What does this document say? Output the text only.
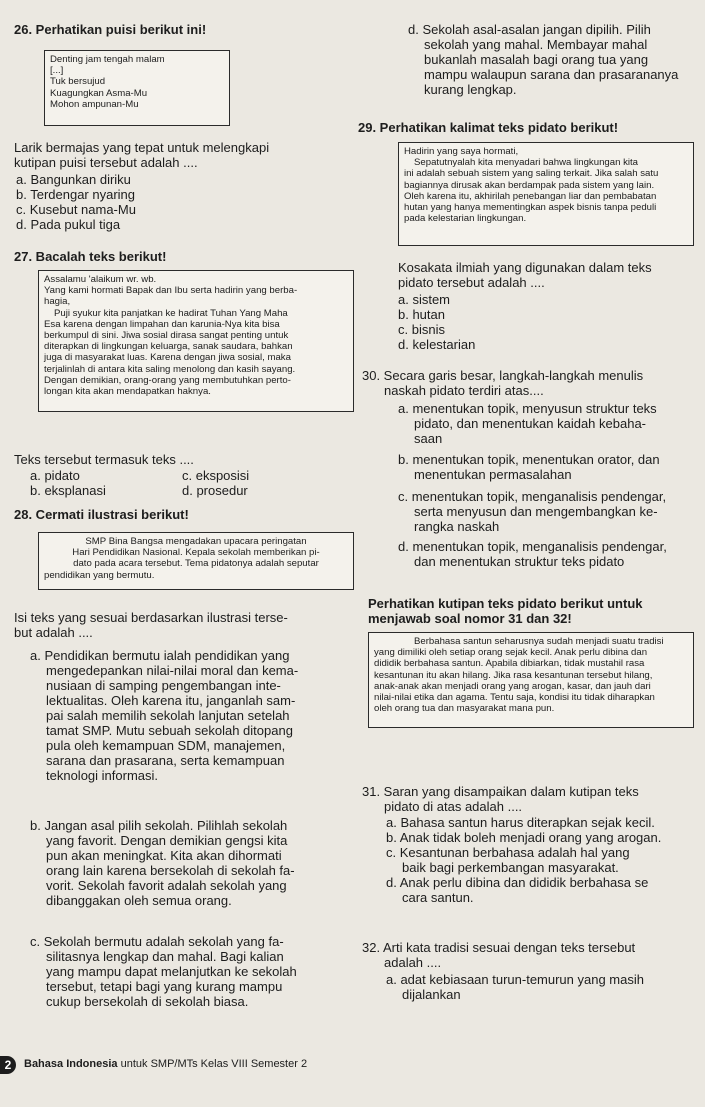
26. Perhatikan puisi berikut ini!
Denting jam tengah malam
[...]
Tuk bersujud
Kuagungkan Asma-Mu
Mohon ampunan-Mu
Larik bermajas yang tepat untuk melengkapi
kutipan puisi tersebut adalah ....
a. Bangunkan diriku
b. Terdengar nyaring
c. Kusebut nama-Mu
d. Pada pukul tiga
27. Bacalah teks berikut!
Assalamu 'alaikum wr. wb.
Yang kami hormati Bapak dan Ibu serta hadirin yang berba-
hagia,
Puji syukur kita panjatkan ke hadirat Tuhan Yang Maha
Esa karena dengan limpahan dan karunia-Nya kita bisa
berkumpul di sini. Jiwa sosial dirasa sangat penting untuk
diterapkan di lingkungan keluarga, sanak saudara, bahkan
juga di masyarakat luas. Karena dengan jiwa sosial, maka
terjalinlah di antara kita saling menolong dan kasih sayang.
Dengan demikian, orang-orang yang membutuhkan perto-
longan kita akan mendapatkan haknya.
Teks tersebut termasuk teks ....
a. pidato	c. eksposisi
b. eksplanasi	d. prosedur
28. Cermati ilustrasi berikut!
SMP Bina Bangsa mengadakan upacara peringatan
Hari Pendidikan Nasional. Kepala sekolah memberikan pi-
dato pada acara tersebut. Tema pidatonya adalah seputar
pendidikan yang bermutu.
Isi teks yang sesuai berdasarkan ilustrasi terse-
but adalah ....
a. Pendidikan bermutu ialah pendidikan yang
mengedepankan nilai-nilai moral dan kema-
nusiaan di samping pengembangan inte-
lektualitas. Oleh karena itu, janganlah sam-
pai salah memilih sekolah lanjutan setelah
tamat SMP. Mutu sebuah sekolah ditopang
pula oleh kemampuan SDM, manajemen,
sarana dan prasarana, serta kemampuan
teknologi informasi.
b. Jangan asal pilih sekolah. Pilihlah sekolah
yang favorit. Dengan demikian gengsi kita
pun akan meningkat. Kita akan dihormati
orang lain karena bersekolah di sekolah fa-
vorit. Sekolah favorit adalah sekolah yang
dibanggakan oleh semua orang.
c. Sekolah bermutu adalah sekolah yang fa-
silitasnya lengkap dan mahal. Bagi kalian
yang mampu dapat melanjutkan ke sekolah
tersebut, tetapi bagi yang kurang mampu
cukup bersekolah di sekolah biasa.
d. Sekolah asal-asalan jangan dipilih. Pilih
sekolah yang mahal. Membayar mahal
bukanlah masalah bagi orang tua yang
mampu walaupun sarana dan prasarananya
kurang lengkap.
29. Perhatikan kalimat teks pidato berikut!
Hadirin yang saya hormati,
Sepatutnyalah kita menyadari bahwa lingkungan kita
ini adalah sebuah sistem yang saling terkait. Jika salah satu
bagiannya dirusak akan berdampak pada sistem yang lain.
Oleh karena itu, akhirilah penebangan liar dan pembabatan
hutan yang hanya mementingkan aspek bisnis tanpa peduli
pada kelestarian lingkungan.
Kosakata ilmiah yang digunakan dalam teks
pidato tersebut adalah ....
a. sistem
b. hutan
c. bisnis
d. kelestarian
30. Secara garis besar, langkah-langkah menulis
naskah pidato terdiri atas....
a. menentukan topik, menyusun struktur teks
pidato, dan menentukan kaidah kebaha-
saan
b. menentukan topik, menentukan orator, dan
menentukan permasalahan
c. menentukan topik, menganalisis pendengar,
serta menyusun dan mengembangkan ke-
rangka naskah
d. menentukan topik, menganalisis pendengar,
dan menentukan struktur teks pidato
Perhatikan kutipan teks pidato berikut untuk
menjawab soal nomor 31 dan 32!
Berbahasa santun seharusnya sudah menjadi suatu tradisi
yang dimiliki oleh setiap orang sejak kecil. Anak perlu dibina dan
dididik berbahasa santun. Apabila dibiarkan, tidak mustahil rasa
kesantunan itu akan hilang. Jika rasa kesantunan tersebut hilang,
anak-anak akan menjadi orang yang arogan, kasar, dan jauh dari
nilai-nilai etika dan agama. Tentu saja, kondisi itu tidak diharapkan
oleh orang tua dan masyarakat mana pun.
31. Saran yang disampaikan dalam kutipan teks
pidato di atas adalah ....
a. Bahasa santun harus diterapkan sejak kecil.
b. Anak tidak boleh menjadi orang yang arogan.
c. Kesantunan berbahasa adalah hal yang
baik bagi perkembangan masyarakat.
d. Anak perlu dibina dan dididik berbahasa se
cara santun.
32. Arti kata tradisi sesuai dengan teks tersebut
adalah ....
a. adat kebiasaan turun-temurun yang masih
dijalankan
2	Bahasa Indonesia untuk SMP/MTs Kelas VIII Semester 2
